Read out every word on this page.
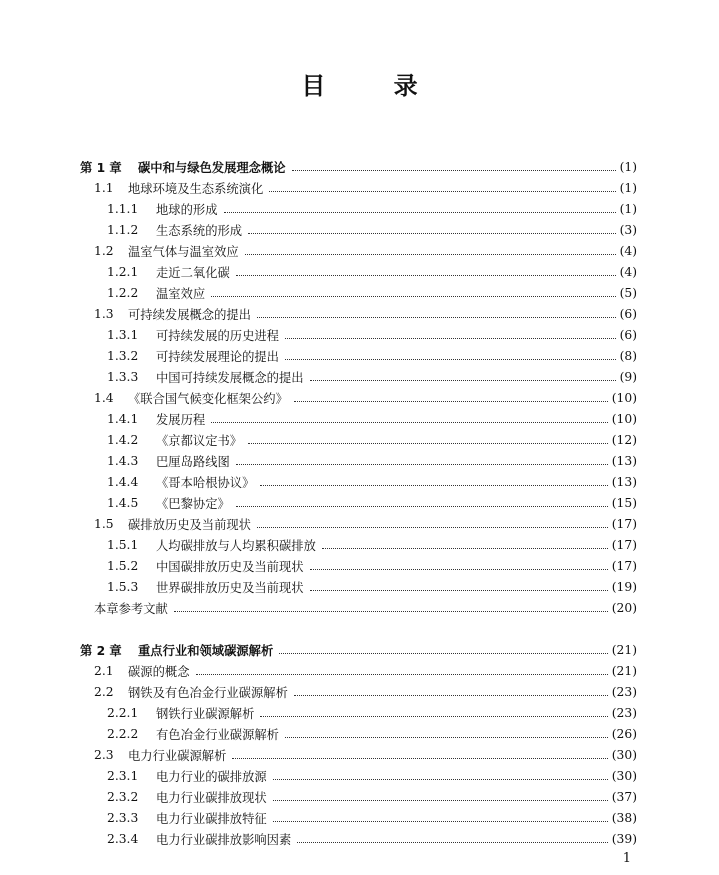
目 录
第 1 章 碳中和与绿色发展理念概论	(1)
1.1 地球环境及生态系统演化	(1)
1.1.1 地球的形成	(1)
1.1.2 生态系统的形成	(3)
1.2 温室气体与温室效应	(4)
1.2.1 走近二氧化碳	(4)
1.2.2 温室效应	(5)
1.3 可持续发展概念的提出	(6)
1.3.1 可持续发展的历史进程	(6)
1.3.2 可持续发展理论的提出	(8)
1.3.3 中国可持续发展概念的提出	(9)
1.4 《联合国气候变化框架公约》	(10)
1.4.1 发展历程	(10)
1.4.2 《京都议定书》	(12)
1.4.3 巴厘岛路线图	(13)
1.4.4 《哥本哈根协议》	(13)
1.4.5 《巴黎协定》	(15)
1.5 碳排放历史及当前现状	(17)
1.5.1 人均碳排放与人均累积碳排放	(17)
1.5.2 中国碳排放历史及当前现状	(17)
1.5.3 世界碳排放历史及当前现状	(19)
本章参考文献	(20)
第 2 章 重点行业和领域碳源解析	(21)
2.1 碳源的概念	(21)
2.2 钢铁及有色冶金行业碳源解析	(23)
2.2.1 钢铁行业碳源解析	(23)
2.2.2 有色冶金行业碳源解析	(26)
2.3 电力行业碳源解析	(30)
2.3.1 电力行业的碳排放源	(30)
2.3.2 电力行业碳排放现状	(37)
2.3.3 电力行业碳排放特征	(38)
2.3.4 电力行业碳排放影响因素	(39)
1
